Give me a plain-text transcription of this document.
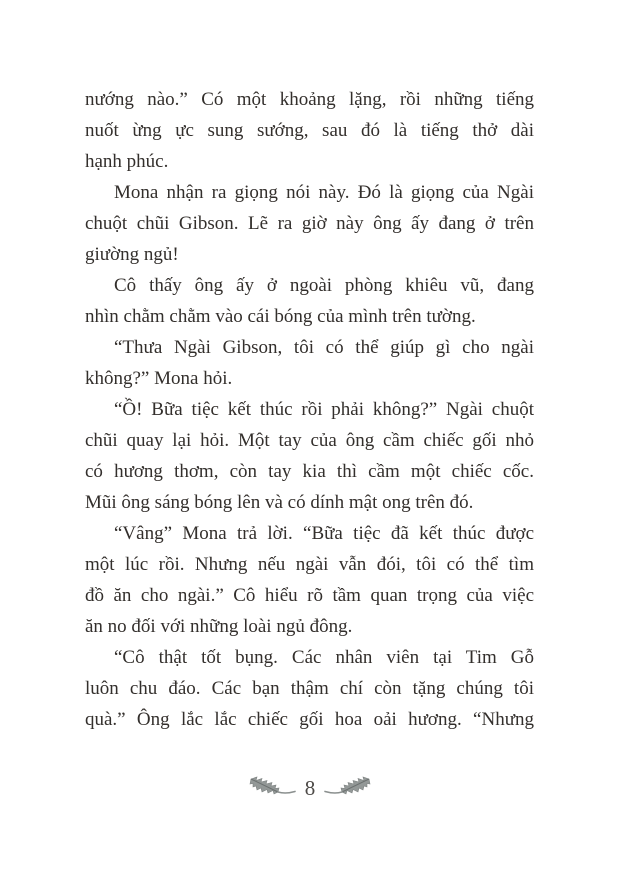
nướng nào.” Có một khoảng lặng, rồi những tiếng
nuốt ừng ực sung sướng, sau đó là tiếng thở dài
hạnh phúc.

Mona nhận ra giọng nói này. Đó là giọng của Ngài
chuột chũi Gibson. Lẽ ra giờ này ông ấy đang ở trên
giường ngủ!

Cô thấy ông ấy ở ngoài phòng khiêu vũ, đang
nhìn chằm chằm vào cái bóng của mình trên tường.

“Thưa Ngài Gibson, tôi có thể giúp gì cho ngài
không?” Mona hỏi.

“Ồ! Bữa tiệc kết thúc rồi phải không?” Ngài chuột
chũi quay lại hỏi. Một tay của ông cầm chiếc gối nhỏ
có hương thơm, còn tay kia thì cầm một chiếc cốc.
Mũi ông sáng bóng lên và có dính mật ong trên đó.

“Vâng” Mona trả lời. “Bữa tiệc đã kết thúc được
một lúc rồi. Nhưng nếu ngài vẫn đói, tôi có thể tìm
đồ ăn cho ngài.” Cô hiểu rõ tầm quan trọng của việc
ăn no đối với những loài ngủ đông.

“Cô thật tốt bụng. Các nhân viên tại Tim Gỗ
luôn chu đáo. Các bạn thậm chí còn tặng chúng tôi
quà.” Ông lắc lắc chiếc gối hoa oải hương. “Nhưng

8
